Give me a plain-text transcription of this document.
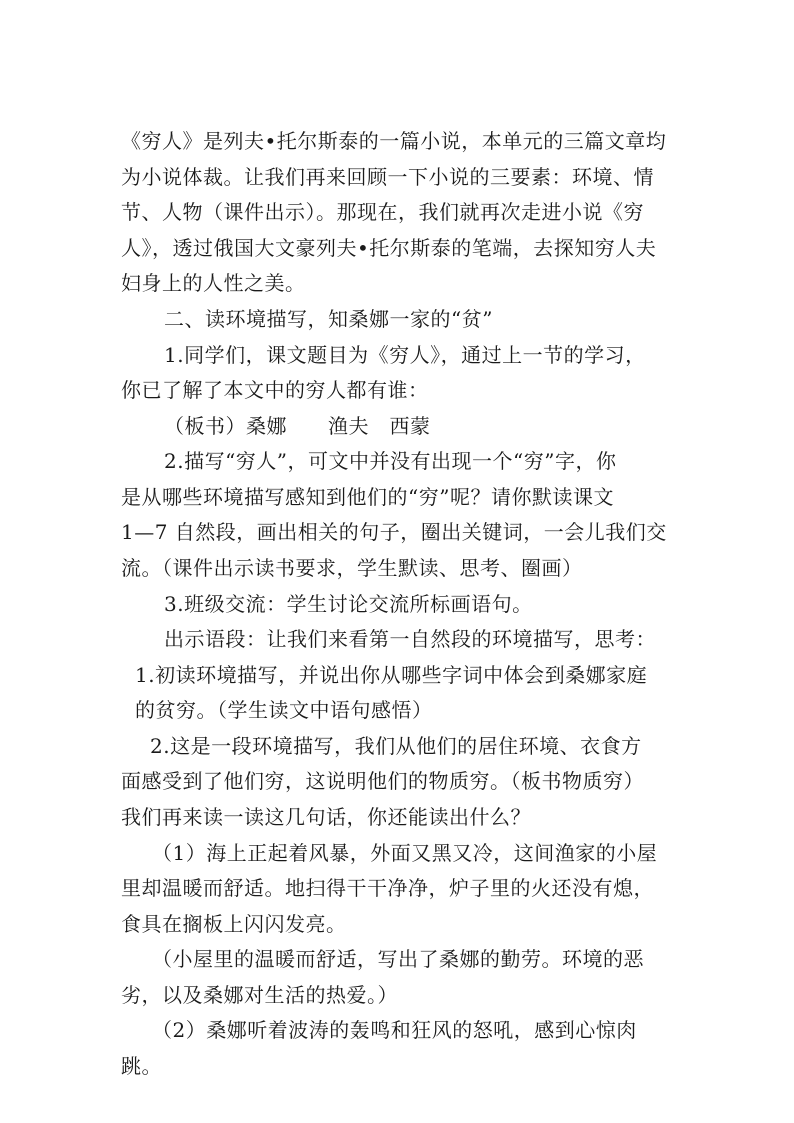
《穷人》是列夫•托尔斯泰的一篇小说，本单元的三篇文章均
为小说体裁。让我们再来回顾一下小说的三要素：环境、情
节、人物（课件出示）。那现在，我们就再次走进小说《穷
人》，透过俄国大文豪列夫•托尔斯泰的笔端，去探知穷人夫
妇身上的人性之美。
二、读环境描写，知桑娜一家的“贫”
1.同学们，课文题目为《穷人》，通过上一节的学习，
你已了解了本文中的穷人都有谁：
（板书）桑娜　　渔夫　西蒙
2.描写“穷人”，可文中并没有出现一个“穷”字，你
是从哪些环境描写感知到他们的“穷”呢？请你默读课文
1—7 自然段，画出相关的句子，圈出关键词，一会儿我们交
流。（课件出示读书要求，学生默读、思考、圈画）
3.班级交流：学生讨论交流所标画语句。
出示语段：让我们来看第一自然段的环境描写，思考：
1.初读环境描写，并说出你从哪些字词中体会到桑娜家庭
的贫穷。（学生读文中语句感悟）
2.这是一段环境描写，我们从他们的居住环境、衣食方
面感受到了他们穷，这说明他们的物质穷。（板书物质穷）
我们再来读一读这几句话，你还能读出什么？
（1）海上正起着风暴，外面又黑又冷，这间渔家的小屋
里却温暖而舒适。地扫得干干净净，炉子里的火还没有熄，
食具在搁板上闪闪发亮。
（小屋里的温暖而舒适，写出了桑娜的勤劳。环境的恶
劣，以及桑娜对生活的热爱。）
（2）桑娜听着波涛的轰鸣和狂风的怒吼，感到心惊肉
跳。
